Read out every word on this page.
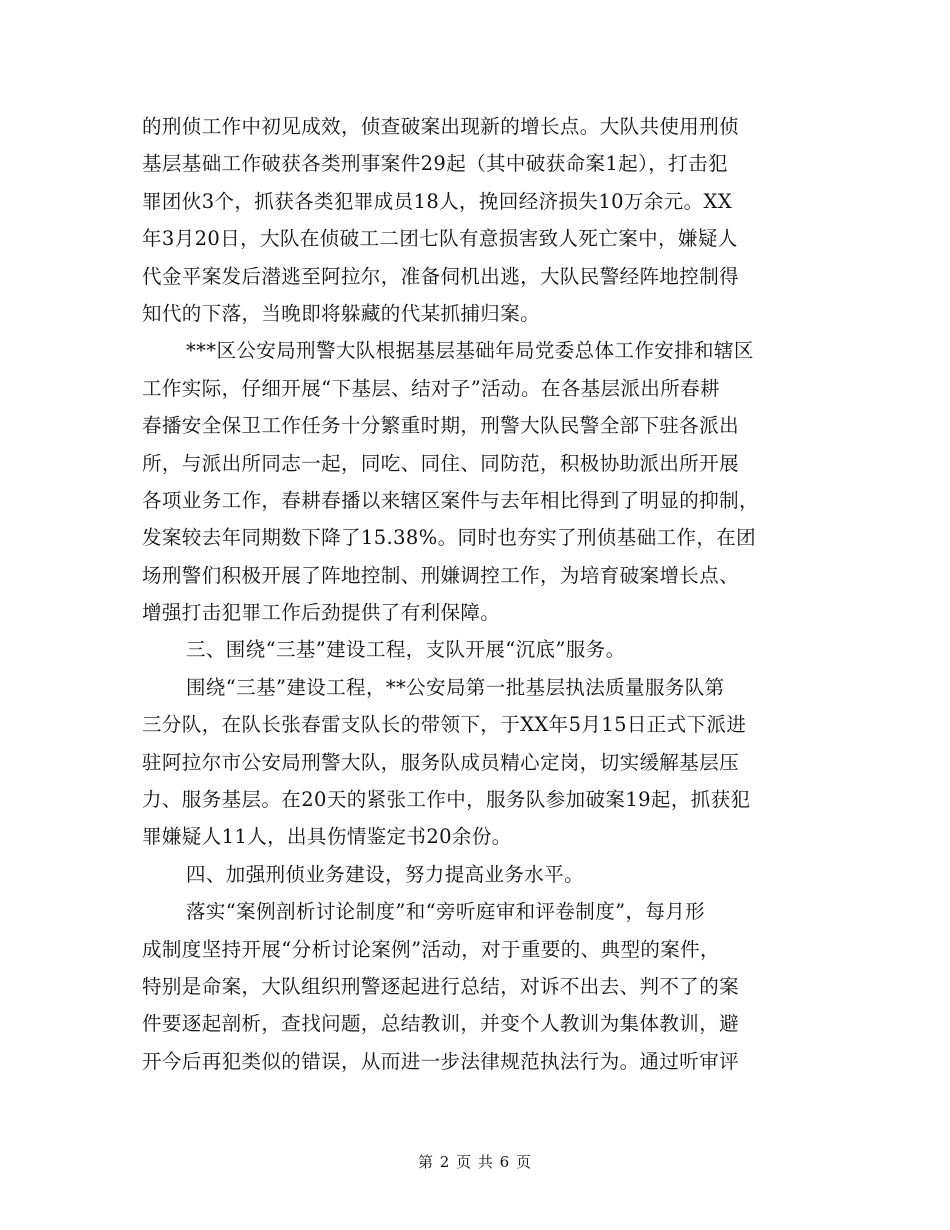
的刑侦工作中初见成效，侦查破案出现新的增长点。大队共使用刑侦
基层基础工作破获各类刑事案件29起（其中破获命案1起），打击犯
罪团伙3个，抓获各类犯罪成员18人，挽回经济损失10万余元。XX
年3月20日，大队在侦破工二团七队有意损害致人死亡案中，嫌疑人
代金平案发后潜逃至阿拉尔，准备伺机出逃，大队民警经阵地控制得
知代的下落，当晚即将躲藏的代某抓捕归案。
***区公安局刑警大队根据基层基础年局党委总体工作安排和辖区
工作实际，仔细开展“下基层、结对子”活动。在各基层派出所春耕
春播安全保卫工作任务十分繁重时期，刑警大队民警全部下驻各派出
所，与派出所同志一起，同吃、同住、同防范，积极协助派出所开展
各项业务工作，春耕春播以来辖区案件与去年相比得到了明显的抑制，
发案较去年同期数下降了15.38%。同时也夯实了刑侦基础工作，在团
场刑警们积极开展了阵地控制、刑嫌调控工作，为培育破案增长点、
增强打击犯罪工作后劲提供了有利保障。
三、围绕“三基”建设工程，支队开展“沉底”服务。
围绕“三基”建设工程，**公安局第一批基层执法质量服务队第
三分队，在队长张春雷支队长的带领下，于XX年5月15日正式下派进
驻阿拉尔市公安局刑警大队，服务队成员精心定岗，切实缓解基层压
力、服务基层。在20天的紧张工作中，服务队参加破案19起，抓获犯
罪嫌疑人11人，出具伤情鉴定书20余份。
四、加强刑侦业务建设，努力提高业务水平。
落实“案例剖析讨论制度”和“旁听庭审和评卷制度”，每月形
成制度坚持开展“分析讨论案例”活动，对于重要的、典型的案件，
特别是命案，大队组织刑警逐起进行总结，对诉不出去、判不了的案
件要逐起剖析，查找问题，总结教训，并变个人教训为集体教训，避
开今后再犯类似的错误，从而进一步法律规范执法行为。通过听审评
第 2 页 共 6 页
